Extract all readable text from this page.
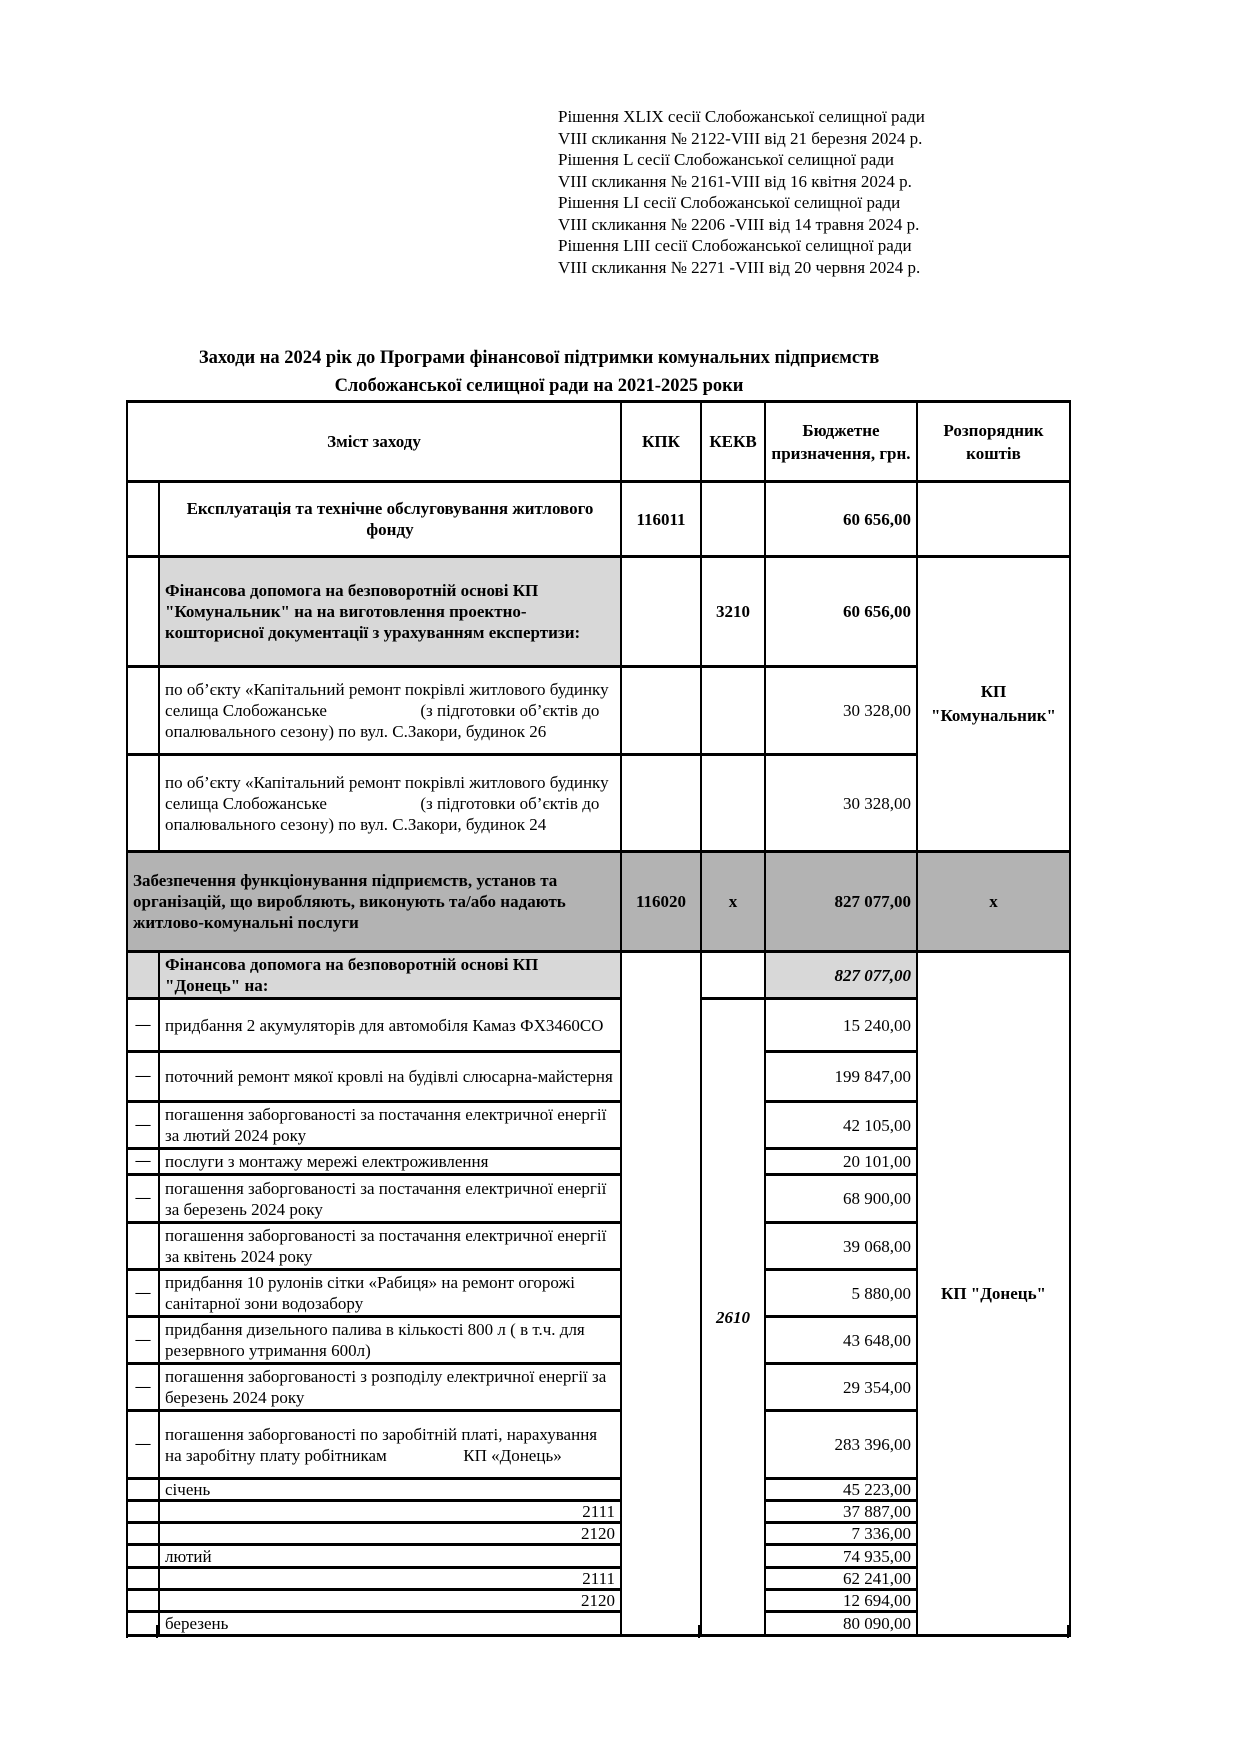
Рішення XLIX сесії Слобожанської селищної ради
VIII скликання № 2122-VIII від 21 березня 2024 р.
Рішення L сесії Слобожанської селищної ради
VIII скликання № 2161-VIII від 16 квітня 2024 р.
Рішення LI сесії Слобожанської селищної ради
VIII скликання № 2206 -VIII від 14 травня 2024 р.
Рішення LIII сесії Слобожанської селищної ради
VIII скликання № 2271 -VIII від 20 червня 2024 р.
Заходи на 2024 рік до Програми фінансової підтримки комунальних підприємств
Слобожанської селищної ради на 2021-2025 роки
Зміст заходу		КПК	КЕКВ	Бюджетне призначення, грн.	Розпорядник коштів
	Експлуатація та технічне обслуговування житлового фонду	116011		60 656,00	
	Фінансова допомога на безповоротній основі КП "Комунальник" на на виготовлення проектно-кошторисної документації з урахуванням експертизи:		3210	60 656,00	КП "Комунальник"
	по об’єкту «Капітальний ремонт покрівлі житлового будинку селища Слобожанське                      (з підготовки об’єктів до опалювального сезону) по вул. С.Закори, будинок 26			30 328,00	
	по об’єкту «Капітальний ремонт покрівлі житлового будинку селища Слобожанське                      (з підготовки об’єктів до опалювального сезону) по вул. С.Закори, будинок 24			30 328,00	
Забезпечення функціонування підприємств, установ та організацій, що виробляють, виконують та/або надають житлово-комунальні послуги		116020	x	827 077,00	x
	Фінансова допомога на безповоротній основі КП "Донець" на:			827 077,00	КП "Донець"
—	придбання 2 акумуляторів для автомобіля Камаз ФХ3460СО		2610	15 240,00	
—	поточний ремонт мякої кровлі на будівлі слюсарна-майстерня			199 847,00	
—	погашення заборгованості за постачання електричної енергії за лютий 2024 року			42 105,00	
—	послуги з монтажу мережі електроживлення			20 101,00	
—	погашення заборгованості за постачання електричної енергії за березень 2024 року			68 900,00	
	погашення заборгованості за постачання електричної енергії за квітень 2024 року			39 068,00	
—	придбання 10 рулонів сітки «Рабиця» на ремонт огорожі санітарної зони водозабору			5 880,00	
—	придбання дизельного палива в кількості 800 л ( в т.ч. для резервного утримання 600л)			43 648,00	
—	погашення заборгованості з розподілу електричної енергії за березень 2024 року			29 354,00	
—	погашення заборгованості по заробітній платі, нарахування на заробітну плату робітникам                  КП «Донець»			283 396,00	
	січень			45 223,00	
	2111			37 887,00	
	2120			7 336,00	
	лютий			74 935,00	
	2111			62 241,00	
	2120			12 694,00	
	березень			80 090,00	
